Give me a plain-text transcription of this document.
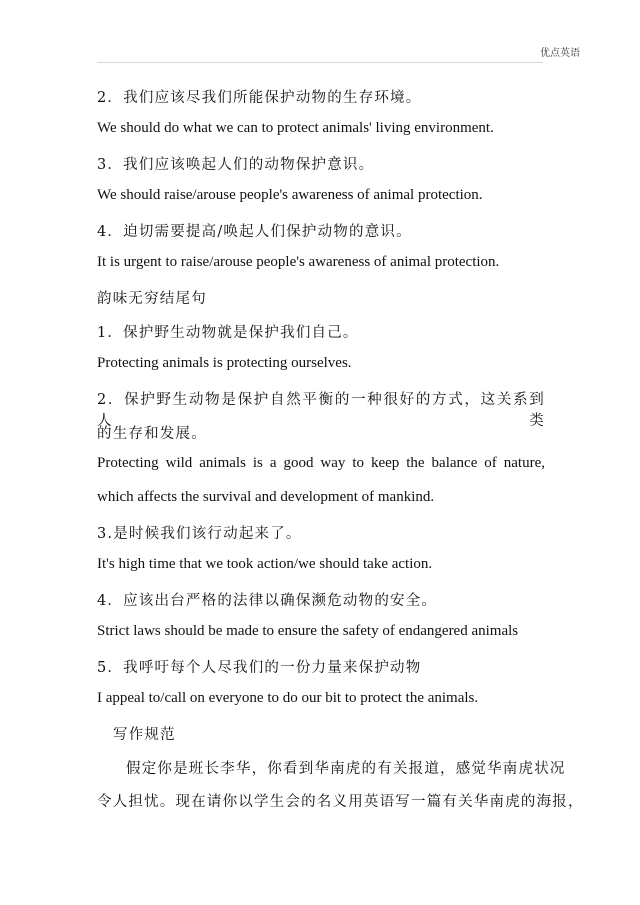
优点英语
2．我们应该尽我们所能保护动物的生存环境。
We should do what we can to protect animals' living environment.
3．我们应该唤起人们的动物保护意识。
We should raise/arouse people's awareness of animal protection.
4．迫切需要提高/唤起人们保护动物的意识。
It is urgent to raise/arouse people's awareness of animal protection.
韵味无穷结尾句
1．保护野生动物就是保护我们自己。
Protecting animals is protecting ourselves.
2．保护野生动物是保护自然平衡的一种很好的方式，这关系到人类
的生存和发展。
Protecting wild animals is a good way to keep the balance of nature,
which affects the survival and development of mankind.
3.是时候我们该行动起来了。
It's high time that we took action/we should take action.
4．应该出台严格的法律以确保濒危动物的安全。
Strict laws should be made to ensure the safety of endangered animals
5．我呼吁每个人尽我们的一份力量来保护动物
I appeal to/call on everyone to do our bit to protect the animals.
写作规范
假定你是班长李华，你看到华南虎的有关报道，感觉华南虎状况
令人担忧。现在请你以学生会的名义用英语写一篇有关华南虎的海报，
